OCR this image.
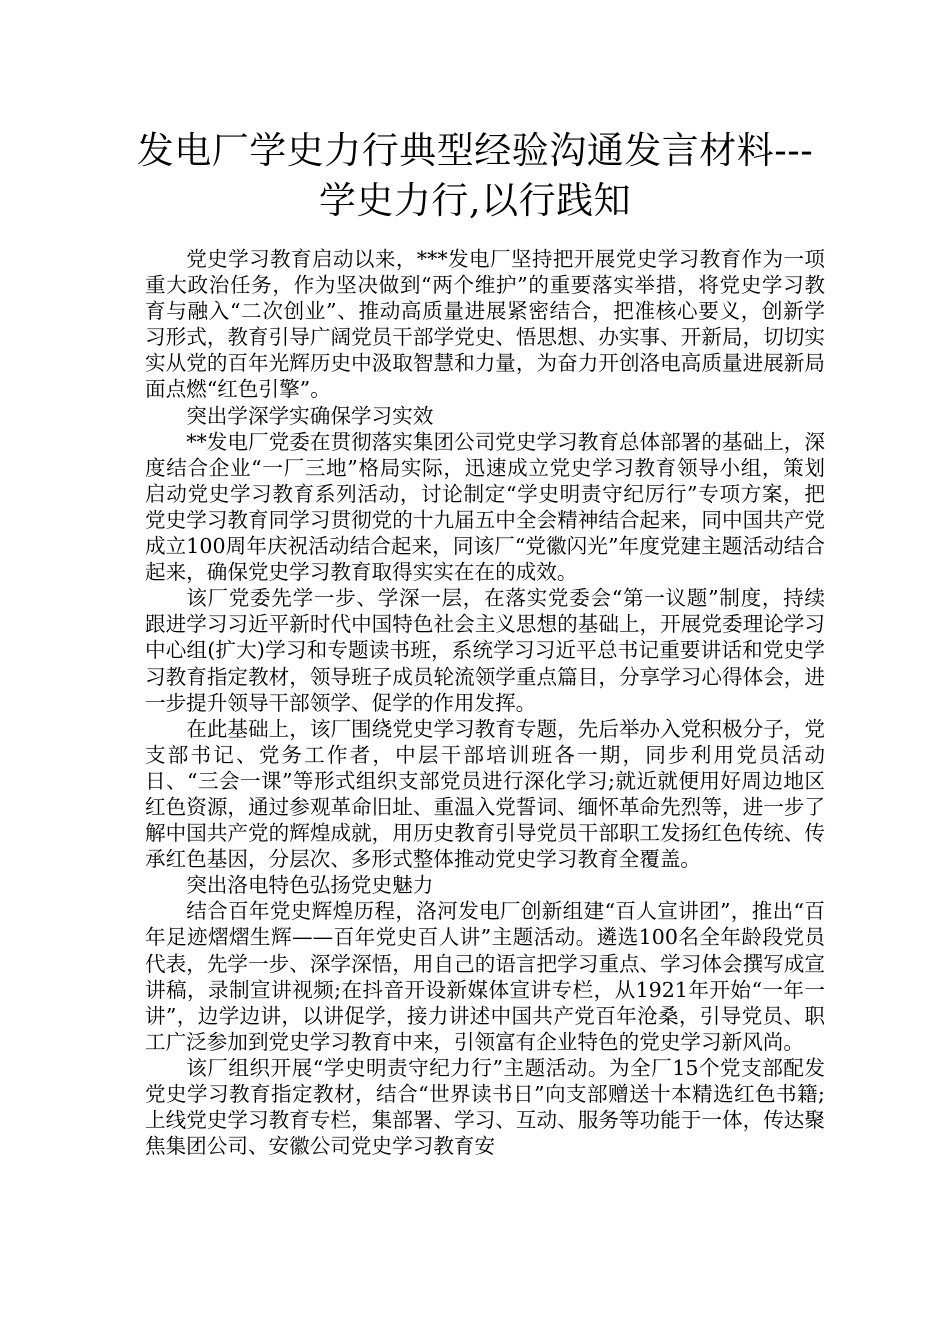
发电厂学史力行典型经验沟通发言材料---
学史力行,以行践知

党史学习教育启动以来，***发电厂坚持把开展党史学习教育作为一项重大政治任务，作为坚决做到“两个维护”的重要落实举措，将党史学习教育与融入“二次创业”、推动高质量进展紧密结合，把准核心要义，创新学习形式，教育引导广阔党员干部学党史、悟思想、办实事、开新局，切切实实从党的百年光辉历史中汲取智慧和力量，为奋力开创洛电高质量进展新局面点燃“红色引擎”。

突出学深学实确保学习实效

**发电厂党委在贯彻落实集团公司党史学习教育总体部署的基础上，深度结合企业“一厂三地”格局实际，迅速成立党史学习教育领导小组，策划启动党史学习教育系列活动，讨论制定“学史明责守纪厉行”专项方案，把党史学习教育同学习贯彻党的十九届五中全会精神结合起来，同中国共产党成立100周年庆祝活动结合起来，同该厂“党徽闪光”年度党建主题活动结合起来，确保党史学习教育取得实实在在的成效。

该厂党委先学一步、学深一层，在落实党委会“第一议题”制度，持续跟进学习习近平新时代中国特色社会主义思想的基础上，开展党委理论学习中心组(扩大)学习和专题读书班，系统学习习近平总书记重要讲话和党史学习教育指定教材，领导班子成员轮流领学重点篇目，分享学习心得体会，进一步提升领导干部领学、促学的作用发挥。

在此基础上，该厂围绕党史学习教育专题，先后举办入党积极分子，党支部书记、党务工作者，中层干部培训班各一期，同步利用党员活动日、“三会一课”等形式组织支部党员进行深化学习;就近就便用好周边地区红色资源，通过参观革命旧址、重温入党誓词、缅怀革命先烈等，进一步了解中国共产党的辉煌成就，用历史教育引导党员干部职工发扬红色传统、传承红色基因，分层次、多形式整体推动党史学习教育全覆盖。

突出洛电特色弘扬党史魅力

结合百年党史辉煌历程，洛河发电厂创新组建“百人宣讲团”，推出“百年足迹熠熠生辉——百年党史百人讲”主题活动。遴选100名全年龄段党员代表，先学一步、深学深悟，用自己的语言把学习重点、学习体会撰写成宣讲稿，录制宣讲视频;在抖音开设新媒体宣讲专栏，从1921年开始“一年一讲”，边学边讲，以讲促学，接力讲述中国共产党百年沧桑，引导党员、职工广泛参加到党史学习教育中来，引领富有企业特色的党史学习新风尚。

该厂组织开展“学史明责守纪力行”主题活动。为全厂15个党支部配发党史学习教育指定教材，结合“世界读书日”向支部赠送十本精选红色书籍;上线党史学习教育专栏，集部署、学习、互动、服务等功能于一体，传达聚焦集团公司、安徽公司党史学习教育安
